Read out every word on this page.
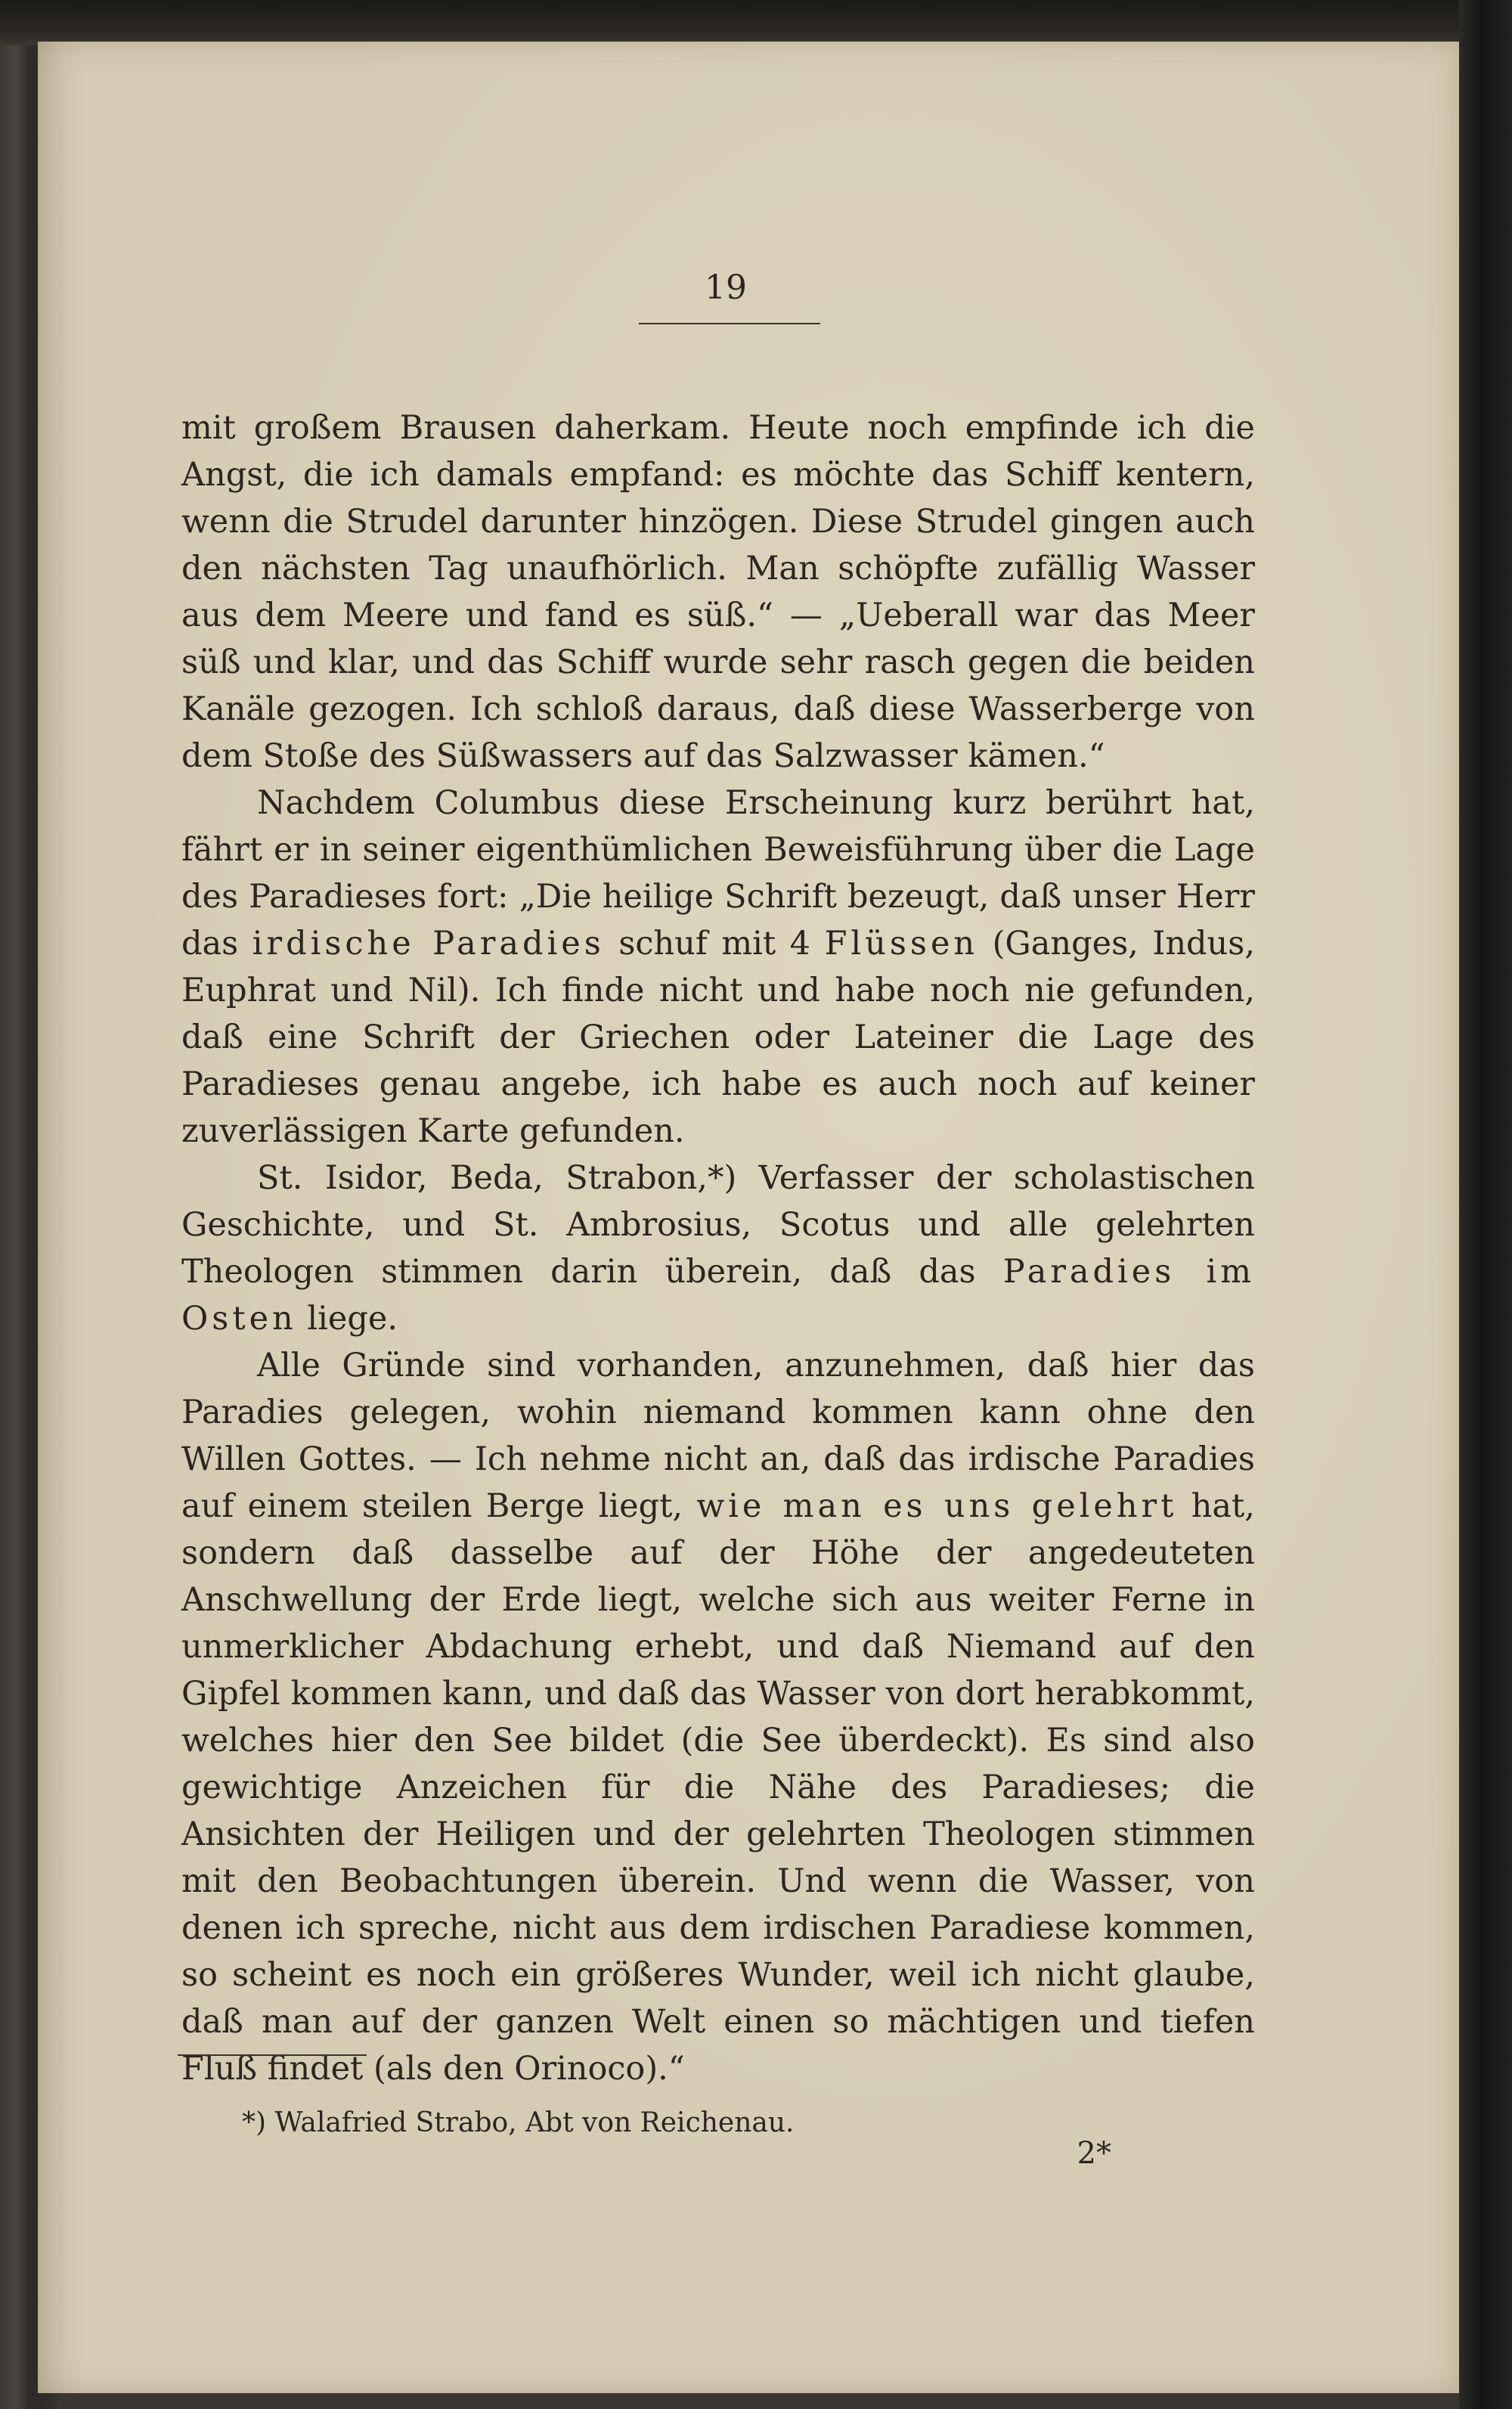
19

mit großem Brausen daherkam. Heute noch empfinde ich die Angst, die ich damals empfand: es möchte das Schiff kentern, wenn die Strudel darunter hinzögen. Diese Strudel gingen auch den nächsten Tag unaufhörlich. Man schöpfte zufällig Wasser aus dem Meere und fand es süß.“ — „Ueberall war das Meer süß und klar, und das Schiff wurde sehr rasch gegen die beiden Kanäle gezogen. Ich schloß daraus, daß diese Wasserberge von dem Stoße des Süßwassers auf das Salzwasser kämen.“

Nachdem Columbus diese Erscheinung kurz berührt hat, fährt er in seiner eigenthümlichen Beweisführung über die Lage des Paradieses fort: „Die heilige Schrift bezeugt, daß unser Herr das irdische Paradies schuf mit 4 Flüssen (Ganges, Indus, Euphrat und Nil). Ich finde nicht und habe noch nie gefunden, daß eine Schrift der Griechen oder Lateiner die Lage des Paradieses genau angebe, ich habe es auch noch auf keiner zuverlässigen Karte gefunden.

St. Isidor, Beda, Strabon,*) Verfasser der scholastischen Geschichte, und St. Ambrosius, Scotus und alle gelehrten Theologen stimmen darin überein, daß das Paradies im Osten liege.

Alle Gründe sind vorhanden, anzunehmen, daß hier das Paradies gelegen, wohin niemand kommen kann ohne den Willen Gottes. — Ich nehme nicht an, daß das irdische Paradies auf einem steilen Berge liegt, wie man es uns gelehrt hat, sondern daß dasselbe auf der Höhe der angedeuteten Anschwellung der Erde liegt, welche sich aus weiter Ferne in unmerklicher Abdachung erhebt, und daß Niemand auf den Gipfel kommen kann, und daß das Wasser von dort herabkommt, welches hier den See bildet (die See überdeckt). Es sind also gewichtige Anzeichen für die Nähe des Paradieses; die Ansichten der Heiligen und der gelehrten Theologen stimmen mit den Beobachtungen überein. Und wenn die Wasser, von denen ich spreche, nicht aus dem irdischen Paradiese kommen, so scheint es noch ein größeres Wunder, weil ich nicht glaube, daß man auf der ganzen Welt einen so mächtigen und tiefen Fluß findet (als den Orinoco).“

*) Walafried Strabo, Abt von Reichenau.
2*
